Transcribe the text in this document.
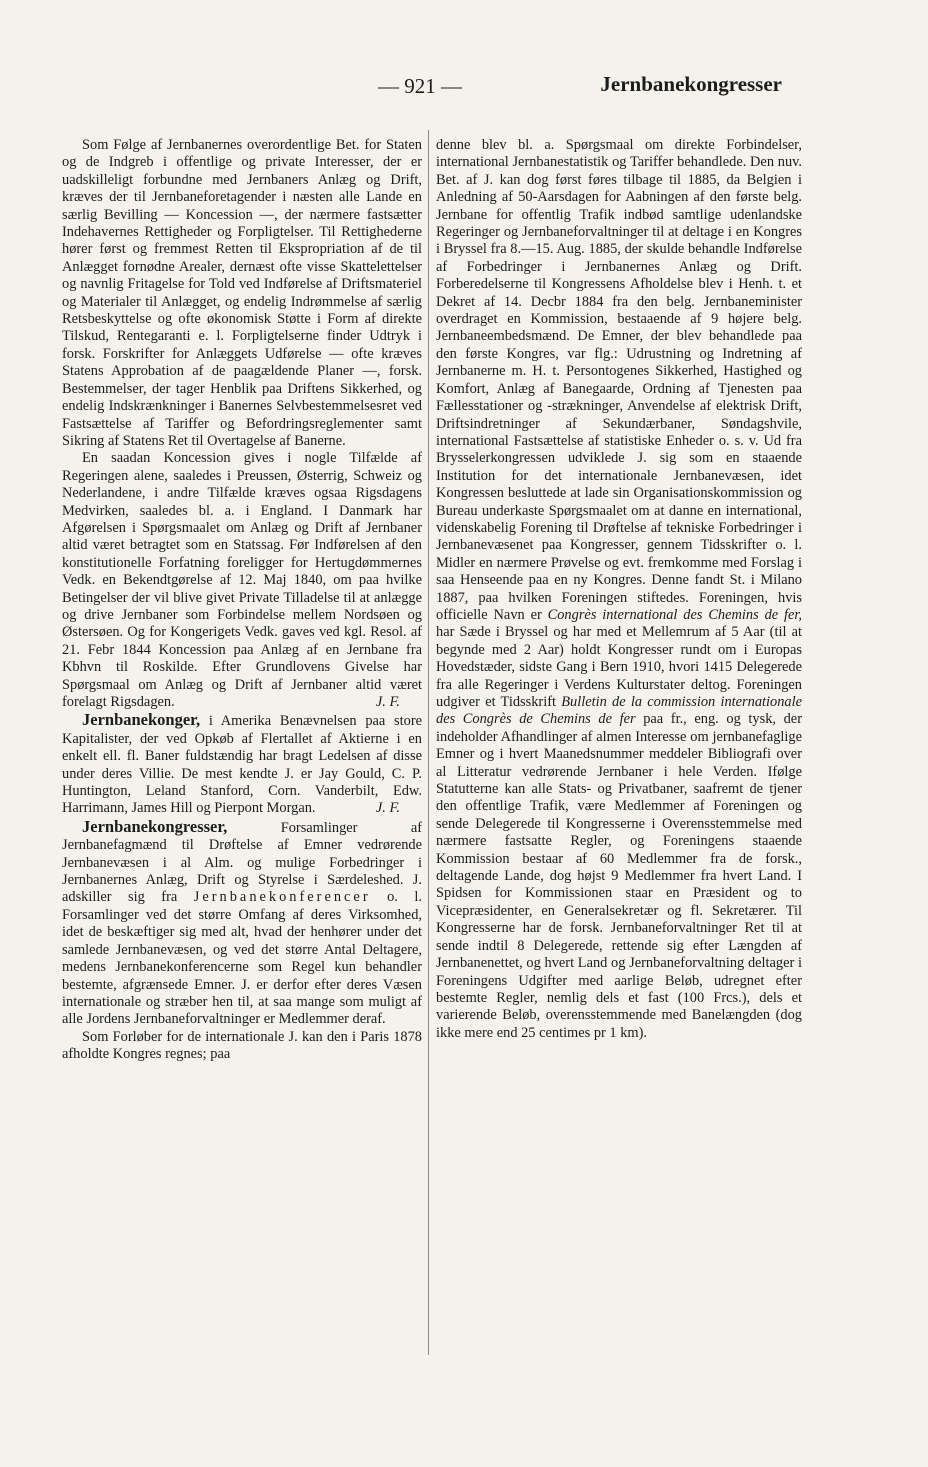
— 921 —	Jernbanekongresser

Som Følge af Jernbanernes overordentlige Bet. for Staten og de Indgreb i offentlige og private Interesser, der er uadskilleligt forbundne med Jernbaners Anlæg og Drift, kræves der til Jernbaneforetagender i næsten alle Lande en særlig Bevilling — Koncession —, der nærmere fastsætter Indehavernes Rettigheder og Forpligtelser. Til Rettighederne hører først og fremmest Retten til Ekspropriation af de til Anlægget fornødne Arealer, dernæst ofte visse Skattelettelser og navnlig Fritagelse for Told ved Indførelse af Driftsmateriel og Materialer til Anlægget, og endelig Indrømmelse af særlig Retsbeskyttelse og ofte økonomisk Støtte i Form af direkte Tilskud, Rentegaranti e. l. Forpligtelserne finder Udtryk i forsk. Forskrifter for Anlæggets Udførelse — ofte kræves Statens Approbation af de paagældende Planer —, forsk. Bestemmelser, der tager Henblik paa Driftens Sikkerhed, og endelig Indskrænkninger i Banernes Selvbestemmelsesret ved Fastsættelse af Tariffer og Befordringsreglementer samt Sikring af Statens Ret til Overtagelse af Banerne.

En saadan Koncession gives i nogle Tilfælde af Regeringen alene, saaledes i Preussen, Østerrig, Schweiz og Nederlandene, i andre Tilfælde kræves ogsaa Rigsdagens Medvirken, saaledes bl. a. i England. I Danmark har Afgørelsen i Spørgsmaalet om Anlæg og Drift af Jernbaner altid været betragtet som en Statssag. Før Indførelsen af den konstitutionelle Forfatning foreligger for Hertugdømmernes Vedk. en Bekendtgørelse af 12. Maj 1840, om paa hvilke Betingelser der vil blive givet Private Tilladelse til at anlægge og drive Jernbaner som Forbindelse mellem Nordsøen og Østersøen. Og for Kongerigets Vedk. gaves ved kgl. Resol. af 21. Febr 1844 Koncession paa Anlæg af en Jernbane fra Kbhvn til Roskilde. Efter Grundlovens Givelse har Spørgsmaal om Anlæg og Drift af Jernbaner altid været forelagt Rigsdagen.	J. F.

Jernbanekonger, i Amerika Benævnelsen paa store Kapitalister, der ved Opkøb af Flertallet af Aktierne i en enkelt ell. fl. Baner fuldstændig har bragt Ledelsen af disse under deres Villie. De mest kendte J. er Jay Gould, C. P. Huntington, Leland Stanford, Corn. Vanderbilt, Edw. Harrimann, James Hill og Pierpont Morgan.	J. F.

Jernbanekongresser,	Forsamlinger af Jernbanefagmænd til Drøftelse af Emner vedrørende Jernbanevæsen i al Alm. og mulige Forbedringer i Jernbanernes Anlæg, Drift og Styrelse i Særdeleshed. J. adskiller sig fra Jernbanekonferencer o. l. Forsamlinger ved det større Omfang af deres Virksomhed, idet de beskæftiger sig med alt, hvad der henhører under det samlede Jernbanevæsen, og ved det større Antal Deltagere, medens Jernbanekonferencerne som Regel kun behandler bestemte, afgrænsede Emner. J. er derfor efter deres Væsen internationale og stræber hen til, at saa mange som muligt af alle Jordens Jernbaneforvaltninger er Medlemmer deraf.

Som Forløber for de internationale J. kan den i Paris 1878 afholdte Kongres regnes; paa

denne blev bl. a. Spørgsmaal om direkte Forbindelser, international Jernbanestatistik og Tariffer behandlede. Den nuv. Bet. af J. kan dog først føres tilbage til 1885, da Belgien i Anledning af 50-Aarsdagen for Aabningen af den første belg. Jernbane for offentlig Trafik indbød samtlige udenlandske Regeringer og Jernbaneforvaltninger til at deltage i en Kongres i Bryssel fra 8.—15. Aug. 1885, der skulde behandle Indførelse af Forbedringer i Jernbanernes Anlæg og Drift. Forberedelserne til Kongressens Afholdelse blev i Henh. t. et Dekret af 14. Decbr 1884 fra den belg. Jernbaneminister overdraget en Kommission, bestaaende af 9 højere belg. Jernbaneembedsmænd. De Emner, der blev behandlede paa den første Kongres, var flg.: Udrustning og Indretning af Jernbanerne m. H. t. Persontogenes Sikkerhed, Hastighed og Komfort, Anlæg af Banegaarde, Ordning af Tjenesten paa Fællesstationer og -strækninger, Anvendelse af elektrisk Drift, Driftsindretninger af Sekundærbaner, Søndagshvile, international Fastsættelse af statistiske Enheder o. s. v. Ud fra Brysselerkongressen udviklede J. sig som en staaende Institution for det internationale Jernbanevæsen, idet Kongressen besluttede at lade sin Organisationskommission og Bureau underkaste Spørgsmaalet om at danne en international, videnskabelig Forening til Drøftelse af tekniske Forbedringer i Jernbanevæsenet paa Kongresser, gennem Tidsskrifter o. l. Midler en nærmere Prøvelse og evt. fremkomme med Forslag i saa Henseende paa en ny Kongres. Denne fandt St. i Milano 1887, paa hvilken Foreningen stiftedes. Foreningen, hvis officielle Navn er Congrès international des Chemins de fer, har Sæde i Bryssel og har med et Mellemrum af 5 Aar (til at begynde med 2 Aar) holdt Kongresser rundt om i Europas Hovedstæder, sidste Gang i Bern 1910, hvori 1415 Delegerede fra alle Regeringer i Verdens Kulturstater deltog. Foreningen udgiver et Tidsskrift Bulletin de la commission internationale des Congrès de Chemins de fer paa fr., eng. og tysk, der indeholder Afhandlinger af almen Interesse om jernbanefaglige Emner og i hvert Maanedsnummer meddeler Bibliografi over al Litteratur vedrørende Jernbaner i hele Verden. Ifølge Statutterne kan alle Stats- og Privatbaner, saafremt de tjener den offentlige Trafik, være Medlemmer af Foreningen og sende Delegerede til Kongresserne i Overensstemmelse med nærmere fastsatte Regler, og Foreningens staaende Kommission bestaar af 60 Medlemmer fra de forsk., deltagende Lande, dog højst 9 Medlemmer fra hvert Land. I Spidsen for Kommissionen staar en Præsident og to Vicepræsidenter, en Generalsekretær og fl. Sekretærer. Til Kongresserne har de forsk. Jernbaneforvaltninger Ret til at sende indtil 8 Delegerede, rettende sig efter Længden af Jernbanenettet, og hvert Land og Jernbaneforvaltning deltager i Foreningens Udgifter med aarlige Beløb, udregnet efter bestemte Regler, nemlig dels et fast (100 Frcs.), dels et varierende Beløb, overensstemmende med Banelængden (dog ikke mere end 25 centimes pr 1 km).
